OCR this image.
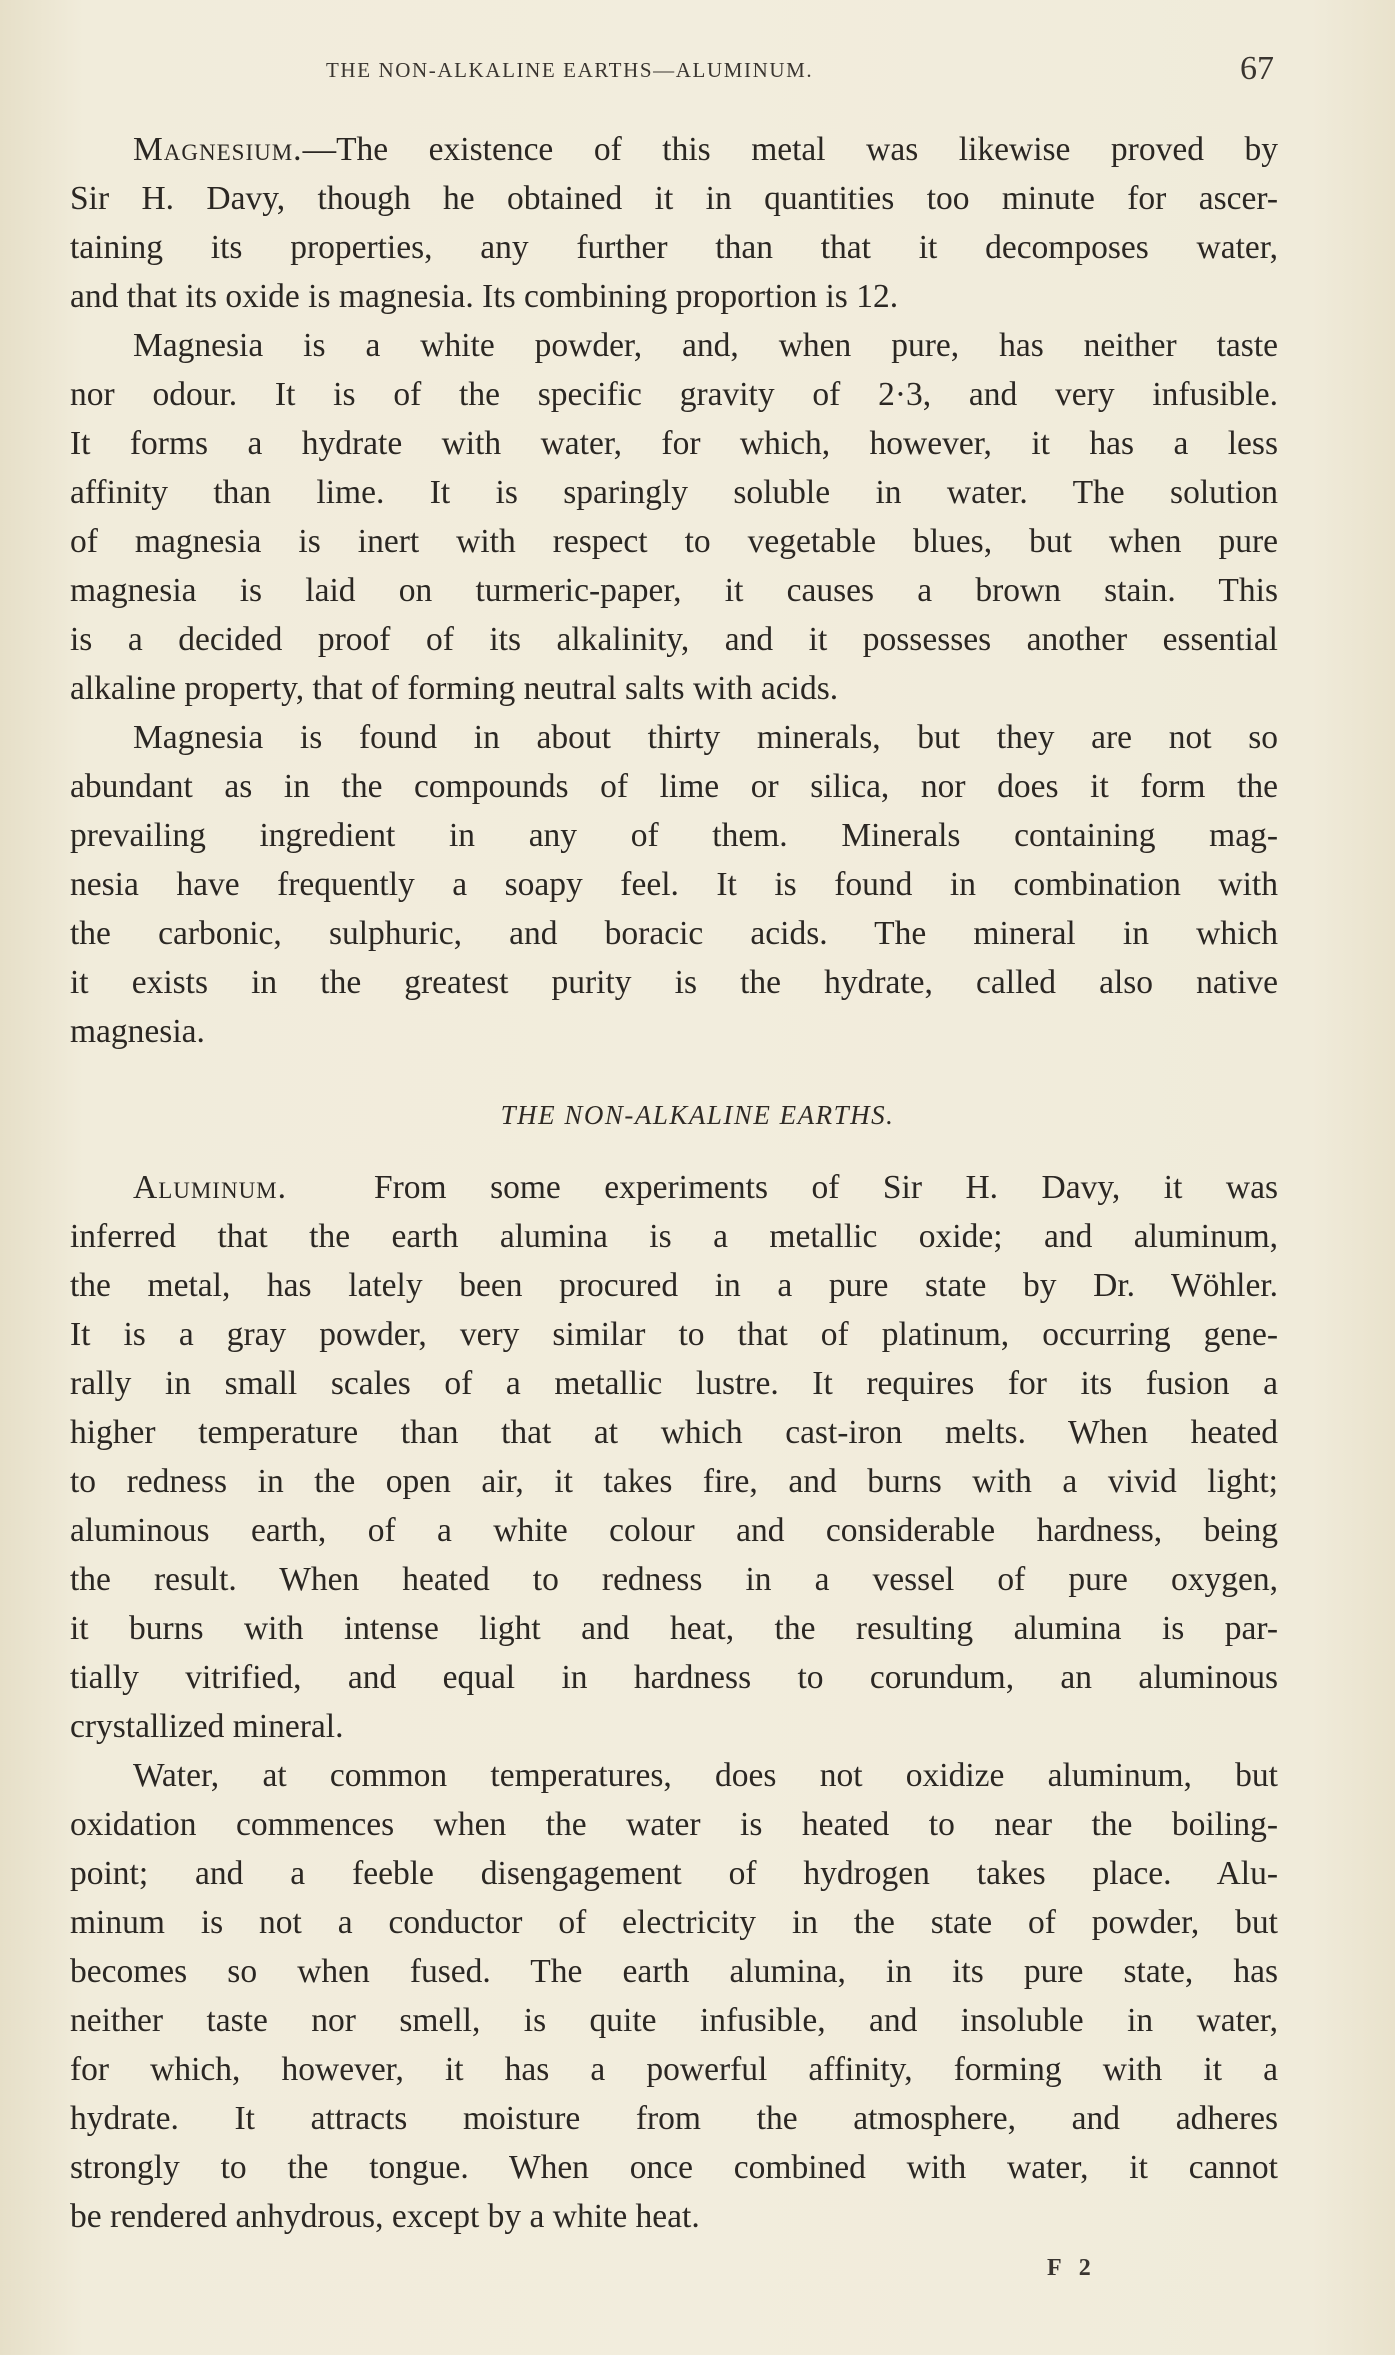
THE NON-ALKALINE EARTHS—ALUMINUM.	67
Magnesium.—The existence of this metal was likewise proved by
Sir H. Davy, though he obtained it in quantities too minute for ascer-
taining its properties, any further than that it decomposes water,
and that its oxide is magnesia. Its combining proportion is 12.
Magnesia is a white powder, and, when pure, has neither taste
nor odour. It is of the specific gravity of 2·3, and very infusible.
It forms a hydrate with water, for which, however, it has a less
affinity than lime. It is sparingly soluble in water. The solution
of magnesia is inert with respect to vegetable blues, but when pure
magnesia is laid on turmeric-paper, it causes a brown stain. This
is a decided proof of its alkalinity, and it possesses another essential
alkaline property, that of forming neutral salts with acids.
Magnesia is found in about thirty minerals, but they are not so
abundant as in the compounds of lime or silica, nor does it form the
prevailing ingredient in any of them. Minerals containing mag-
nesia have frequently a soapy feel. It is found in combination with
the carbonic, sulphuric, and boracic acids. The mineral in which
it exists in the greatest purity is the hydrate, called also native
magnesia.
THE NON-ALKALINE EARTHS.
Aluminum.	From some experiments of Sir H. Davy, it was
inferred that the earth alumina is a metallic oxide; and aluminum,
the metal, has lately been procured in a pure state by Dr. Wöhler.
It is a gray powder, very similar to that of platinum, occurring gene-
rally in small scales of a metallic lustre. It requires for its fusion a
higher temperature than that at which cast-iron melts. When heated
to redness in the open air, it takes fire, and burns with a vivid light;
aluminous earth, of a white colour and considerable hardness, being
the result. When heated to redness in a vessel of pure oxygen,
it burns with intense light and heat, the resulting alumina is par-
tially vitrified, and equal in hardness to corundum, an aluminous
crystallized mineral.
Water, at common temperatures, does not oxidize aluminum, but
oxidation commences when the water is heated to near the boiling-
point; and a feeble disengagement of hydrogen takes place. Alu-
minum is not a conductor of electricity in the state of powder, but
becomes so when fused. The earth alumina, in its pure state, has
neither taste nor smell, is quite infusible, and insoluble in water,
for which, however, it has a powerful affinity, forming with it a
hydrate. It attracts moisture from the atmosphere, and adheres
strongly to the tongue. When once combined with water, it cannot
be rendered anhydrous, except by a white heat.
F 2
